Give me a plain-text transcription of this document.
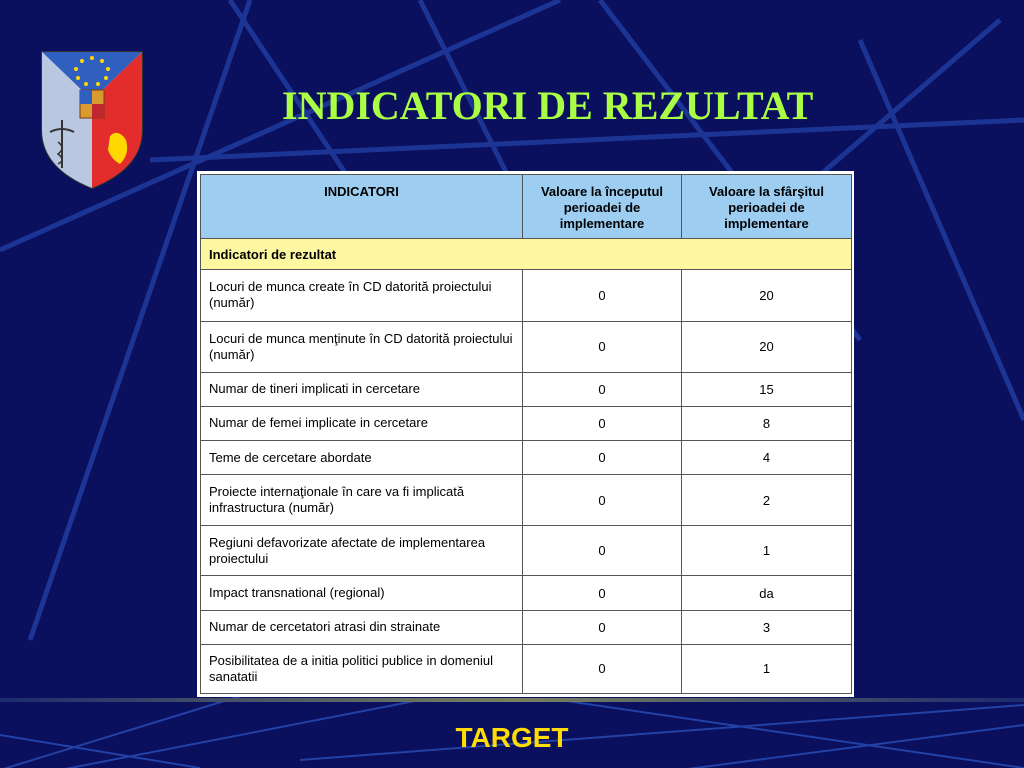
INDICATORI DE REZULTAT
INDICATORI	Valoare la începutul perioadei de implementare	Valoare la sfârşitul perioadei de implementare
Indicatori de rezultat		
Locuri de munca create în CD datorită proiectului (număr)	0	20
Locuri de munca menţinute în CD datorită proiectului (număr)	0	20
Numar de tineri implicati in cercetare	0	15
Numar de femei implicate in cercetare	0	8
Teme de cercetare abordate	0	4
Proiecte internaţionale în care va fi implicată infrastructura (număr)	0	2
Regiuni defavorizate afectate de implementarea proiectului	0	1
Impact transnational (regional)	0	da
Numar de cercetatori atrasi din strainate	0	3
Posibilitatea de a initia politici publice in domeniul sanatatii	0	1
TARGET
